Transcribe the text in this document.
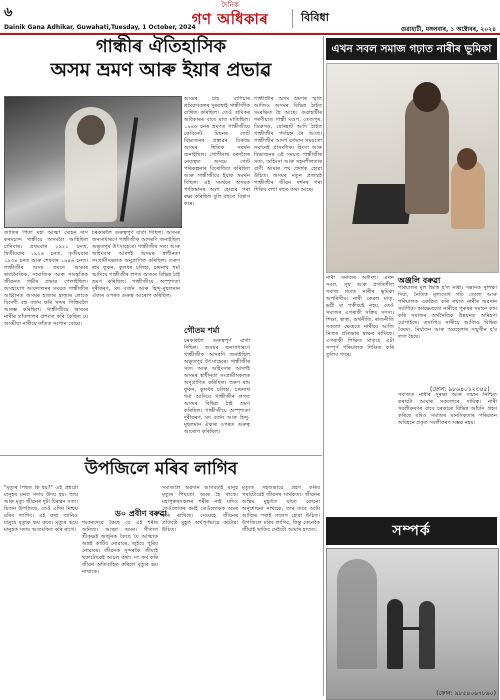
৬	দৈনিক
গণ অধিকাৰ	বিবিধা
Dainik Gana Adhikar, Guwahati,Tuesday, 1 October, 2024	গুৱাহাটী, মঙ্গলবাৰ, ১ অক্টোবৰ, ২০২৪
গান্ধীৰ ঐতিহাসিক
অসম ভ্ৰমণ আৰু ইয়াৰ প্ৰভাৱ

জাতিৰ পিতা মহা আত্মা মোহন দাস কৰমচান্দ গান্ধীয়ে অসমলৈ আহিছিল চাৰিবাৰ। প্ৰথমবাৰ ১৯২১ চনত, দ্বিতীয়বাৰ ১৯২৬ চনত, তৃতীয়বাৰ ১৯৩৪ চনত আৰু শেষবাৰ ১৯৪৬ চনত। গান্ধীজীৰ অসম ভ্ৰমণে অসমৰ ৰাজনৈতিক, সামাজিক আৰু সাংস্কৃতিক জীৱনত গভীৰ প্ৰভাৱ পেলাইছিল। অসহযোগ আন্দোলনৰ সময়ত গান্ধীজীৰ আহ্বানত অসমৰ হাজাৰ হাজাৰ লোকে বিদেশী বস্ত্ৰ বৰ্জন কৰি খদ্দৰ পিন্ধিবলৈ আৰম্ভ কৰিছিল। গান্ধীজীয়ে অসমৰ নাৰীৰ তাঁতশালৰ প্ৰশংসা কৰি কৈছিল যে অসমীয়া নাৰীয়ে তাঁতত সপোন বোৱে।

চৰকাৰলৈ গুৰুত্বপূৰ্ণ বাৰ্তা দিছিল। অসমৰ জনসাধাৰণে গান্ধীজীক আদৰণি জনাইছিল অভূতপূৰ্ব উৎসাহেৰে। গান্ধীজীৰ সত্য আৰু অহিংসাৰ আদৰ্শই অসমৰ স্বাধীনতা সংগ্ৰামীসকলক অনুপ্ৰাণিত কৰিছিল। তৰুণ ৰাম ফুকন, কুলধৰ চলিহা, চন্দ্ৰনাথ শৰ্মা আদিয়ে গান্ধীজীৰ লগত অসমৰ বিভিন্ন ঠাই ভ্ৰমণ কৰিছিল। গান্ধীজীয়ে অস্পৃশ্যতা দূৰীকৰণ, মদ বৰ্জন আৰু হিন্দু-মুছলমান ঐক্যৰ ওপৰত গুৰুত্ব আৰোপ কৰিছিল।

অসমৰ চাহ বাগিচাৰ শ্ৰমিকসকলৰ দুৰৱস্থাই গান্ধীজীক ব্যথিত কৰিছিল। তেওঁ শ্ৰমিকৰ অধিকাৰৰ বাবে মাত মাতিছিল। ১৯৪৬ চনৰ ভ্ৰমণত গান্ধীজীয়ে কেবিনেট মিছনৰ গোট বিভাজনৰ প্ৰস্তাৱৰ বিৰুদ্ধে অসমৰ স্থিতিক সমৰ্থন জনাইছিল। গোপীনাথ বৰদলৈৰ নেতৃত্বত অসমে গোট পৰিকল্পনাৰ বিৰোধিতা কৰিছিল আৰু গান্ধীজীয়ে ইয়াক সমৰ্থন দিছিল। এই সমৰ্থনে অসমক পাকিস্তানৰ অংশ হোৱাৰ পৰা ৰক্ষা কৰিছিল বুলি বহুতে বিশ্বাস কৰে।

গৌতম শৰ্মা

গান্ধীজীৰ অসম ভ্ৰমণৰ স্মৃতি আজিও অসমৰ বিভিন্ন ঠাইত সংৰক্ষিত হৈ আছে। গুৱাহাটীৰ শৰণীয়াত গান্ধী মণ্ডপ, তেজপুৰ, ডিব্ৰুগড়, যোৰহাট আদি ঠাইত গান্ধীজীৰ পদচিহ্ন ৰৈ আছে। গান্ধীজীৰ আদৰ্শ বৰ্তমান সময়তো সমানেই প্ৰাসংগিক। হিংসা আৰু বিভাজনৰ এই সময়ত গান্ধীজীৰ সত্য, অহিংসা আৰু সহনশীলতাৰ বাণী আমাৰ পথ প্ৰদৰ্শক হোৱা উচিত। অসমৰ নতুন প্ৰজন্মই গান্ধীজীৰ জীৱন দৰ্শনৰ পৰা শিকিব লগা বহুত কথা আছে।

চৰকাৰলৈ গুৰুত্বপূৰ্ণ বাৰ্তা দিছিল। অসমৰ জনসাধাৰণে গান্ধীজীক আদৰণি জনাইছিল অভূতপূৰ্ব উৎসাহেৰে। গান্ধীজীৰ সত্য আৰু অহিংসাৰ আদৰ্শই অসমৰ স্বাধীনতা সংগ্ৰামীসকলক অনুপ্ৰাণিত কৰিছিল। তৰুণ ৰাম ফুকন, কুলধৰ চলিহা, চন্দ্ৰনাথ শৰ্মা আদিয়ে গান্ধীজীৰ লগত অসমৰ বিভিন্ন ঠাই ভ্ৰমণ কৰিছিল। গান্ধীজীয়ে অস্পৃশ্যতা দূৰীকৰণ, মদ বৰ্জন আৰু হিন্দু-মুছলমান ঐক্যৰ ওপৰত গুৰুত্ব আৰোপ কৰিছিল।

এখন সবল সমাজ গঢ়াত নাৰীৰ ভূমিকা

নাৰী সমাজৰ অৰ্ধাংশ। এখন সবল, সুস্থ আৰু প্ৰগতিশীল সমাজ গঢ়াত নাৰীৰ ভূমিকা অপৰিসীম। নাৰী কেৱল মাতৃ, ভগ্নী বা পত্নীয়েই নহয়, তেওঁ সমাজৰ এগৰাকী সক্ৰিয় সদস্য। শিক্ষা, স্বাস্থ্য, অৰ্থনীতি, ৰাজনীতি সকলো ক্ষেত্ৰতে নাৰীয়ে আজি নিজৰ প্ৰতিভাৰ স্বাক্ষৰ ৰাখিছে। এগৰাকী শিক্ষিত মাতৃয়ে এটা সম্পূৰ্ণ পৰিয়ালক শিক্ষিত কৰি তুলিব পাৰে।

পৰিয়ালৰ মূল ভিত্তি হ'ল নাৰী। সন্তানক সুশিক্ষা দিয়া, নৈতিক মূল্যবোধ গঢ়ি তোলা আৰু পৰিয়ালক একত্ৰিত কৰি ৰখাত নাৰীৰ অৱদান সৰ্বাধিক। কৰ্মক্ষেত্ৰতো নাৰীয়ে পুৰুষৰ সমানে কাম কৰি সমাজৰ অৰ্থনৈতিক উন্নয়নত অৰিহণা যোগাইছে। তথাপিও নাৰীয়ে আজিও বিভিন্ন বৈষম্য, নিৰ্যাতন আৰু অৱহেলাৰ সন্মুখীন হ'ব লগা হৈছে।

(ফোন: ৯৮৬৪০১২৩৪৫)

সমাজত নাৰীৰ সুৰক্ষা আৰু সন্মান নিশ্চিত কৰাটো আমাৰ সকলোৰে দায়িত্ব। নাৰী সবলীকৰণৰ বাবে চৰকাৰে বিভিন্ন আঁচনি গ্ৰহণ কৰিছে যদিও সমাজৰ মানসিকতাৰ পৰিৱৰ্তন অবিহনে প্ৰকৃত সবলীকৰণ সম্ভৱ নহয়।

অঞ্জলি বৰুৱা
সম্পৰ্ক
উপজিলে মৰিব লাগিব
ড০ প্ৰবীণ বৰুৱা

"মৃত্যুৰ পিছত কি হয়?" এই প্ৰশ্নটো মানুহৰ মনত সদায় উদয় হয়। জন্ম আৰু মৃত্যু জীৱনৰ দুটা চিৰন্তন সত্য। যিজন উপজিছে, তেওঁ এদিন নিশ্চয় মৰিব লাগিব। এই কথা জানিও মানুহে মৃত্যুক ভয় কৰে। মৃত্যুৰ ভয়ে মানুহক সদায় আতংকিত কৰি ৰাখে।

শংকৰদেৱে কৈছে যে এই শৰীৰ অনিত্য। আত্মা অমৰ। গীতাত শ্ৰীকৃষ্ণই অৰ্জুনক কৈছে যে আত্মাক অস্ত্ৰই কাটিব নোৱাৰে, জুইয়ে পুৰিব নোৱাৰে। জীৱনক সুন্দৰকৈ জীয়াই থকাটোৱেই আচল কথা। সৎ কৰ্ম কৰি জীৱন অতিবাহিত কৰিলে মৃত্যুৰ ভয় নাথাকে।

সমাজলৈ অৱদান আগবঢ়াই মানুহ মৃত্যুৰ পিছতো অমৰ হৈ থাকে। মহাপুৰুষসকলৰ শৰীৰ নাই যদিও তেওঁলোকৰ কৰ্মই তেওঁলোকক অমৰ কৰি ৰাখিছে। সেয়েহে জীৱনৰ প্ৰতিটো মুহূৰ্ত অৰ্থপূৰ্ণভাৱে কটোৱা উচিত।

মৃত্যুক সহজভাৱে গ্ৰহণ কৰিব পৰাটোৱেই জীৱনৰ সাৰ্থকতা। জীৱনৰ অন্তিম মুহূৰ্তত যাতে কোনো অনুশোচনা নাথাকে, তাৰ বাবে আমি আজিৰ পৰাই সজাগ হোৱা উচিত। উপজিলে মৰিব লাগিব, কিন্তু কেনেকৈ জীয়াই থাকিব সেইটো আমাৰ হাতত।

(ফোন: ৯৮৫৪০৬৭৮৯০)
